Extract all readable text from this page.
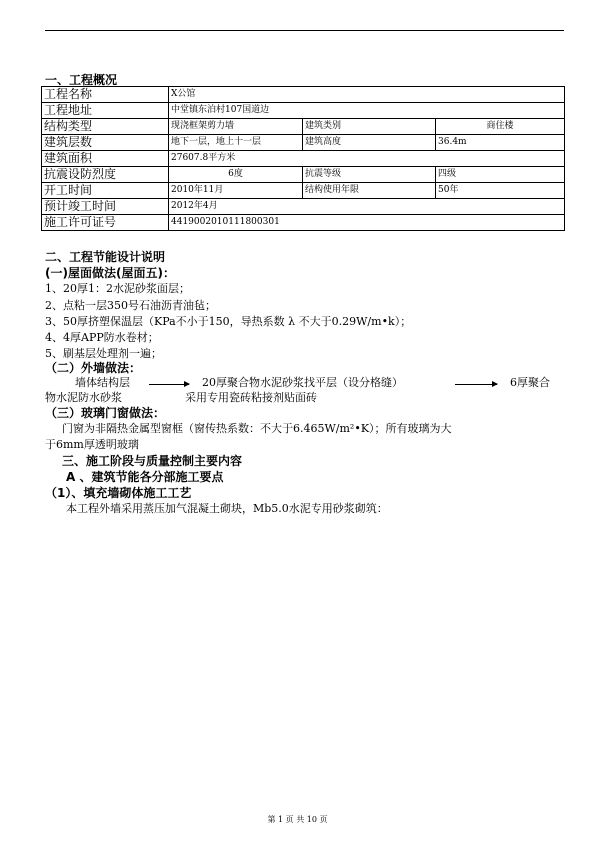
一、工程概况
工程名称	X公馆		
工程地址	中堂镇东泊村107国道边		
结构类型	现浇框架剪力墙	建筑类别	商住楼
建筑层数	地下一层，地上十一层	建筑高度	36.4m
建筑面积	27607.8平方米		
抗震设防烈度	6度	抗震等级	四级
开工时间	2010年11月	结构使用年限	50年
预计竣工时间	2012年4月		
施工许可证号	4419002010111800301		
二、工程节能设计说明
(一)屋面做法(屋面五)：
1、20厚1：2水泥砂浆面层；
2、点粘一层350号石油沥青油毡；
3、50厚挤塑保温层（KPa不小于150，导热系数 λ 不大于0.29W/m•k）；
4、4厚APP防水卷材；
5、刷基层处理剂一遍；
（二）外墙做法：
墙体结构层	20厚聚合物水泥砂浆找平层（设分格缝）	6厚聚合
物水泥防水砂浆	采用专用瓷砖粘接剂贴面砖
（三）玻璃门窗做法：
门窗为非隔热金属型窗框（窗传热系数：不大于6.465W/m²•K）；所有玻璃为大
于6mm厚透明玻璃
三、施工阶段与质量控制主要内容
A 、建筑节能各分部施工要点
（1）、填充墙砌体施工工艺
本工程外墙采用蒸压加气混凝土砌块，Mb5.0水泥专用砂浆砌筑：
第 1 页 共 10 页
